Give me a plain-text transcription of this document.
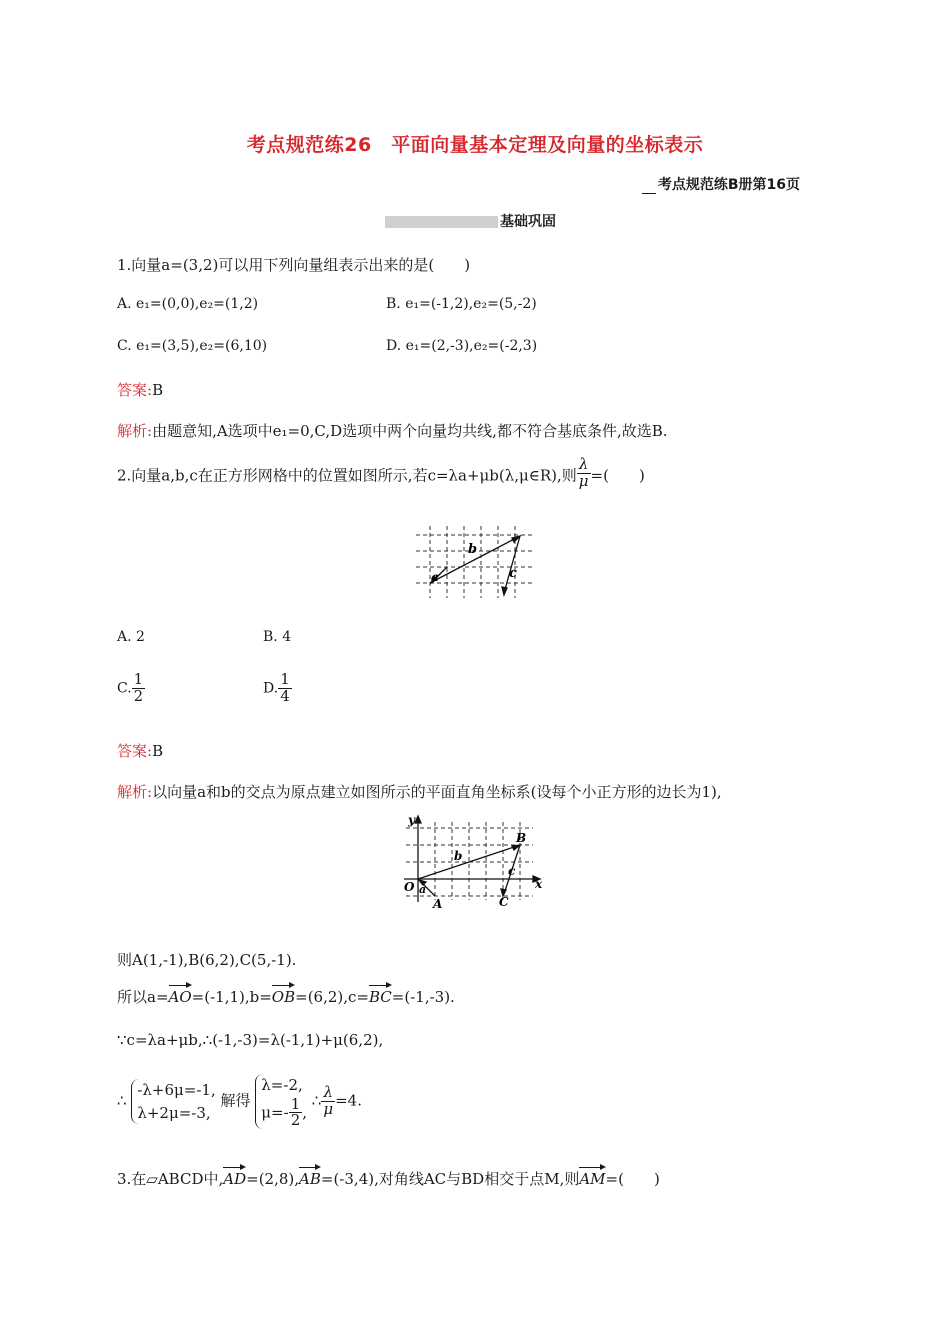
考点规范练26　平面向量基本定理及向量的坐标表示
考点规范练B册第16页
基础巩固
1.向量a=(3,2)可以用下列向量组表示出来的是(　　)
A. e₁=(0,0),e₂=(1,2)	B. e₁=(-1,2),e₂=(5,-2)
C. e₁=(3,5),e₂=(6,10)	D. e₁=(2,-3),e₂=(-2,3)
答案:B
解析:由题意知,A选项中e₁=0,C,D选项中两个向量均共线,都不符合基底条件,故选B.
2.向量a,b,c在正方形网格中的位置如图所示,若c=λa+μb(λ,μ∈R),则 $\frac{\lambda}{\mu}$ =(　　)
b
c
a
A. 2	B. 4
C. $\frac{1}{2}$	D. $\frac{1}{4}$
答案:B
解析:以向量a和b的交点为原点建立如图所示的平面直角坐标系(设每个小正方形的边长为1),
y
x
O
A
B
C
b
c
a
则A(1,-1),B(6,2),C(5,-1).
所以a=AO=(-1,1),b=OB=(6,2),c=BC=(-1,-3).
∵c=λa+μb,∴(-1,-3)=λ(-1,1)+μ(6,2),
∴
-λ+6μ=-1,
λ+2μ=-3,
解得
λ=-2,
$\mu=- \frac{1}{2}$ ,
∴ $\frac{\lambda}{\mu} =4$.
3.在▱ABCD中,AD=(2,8),AB=(-3,4),对角线AC与BD相交于点M,则AM=(　　)
